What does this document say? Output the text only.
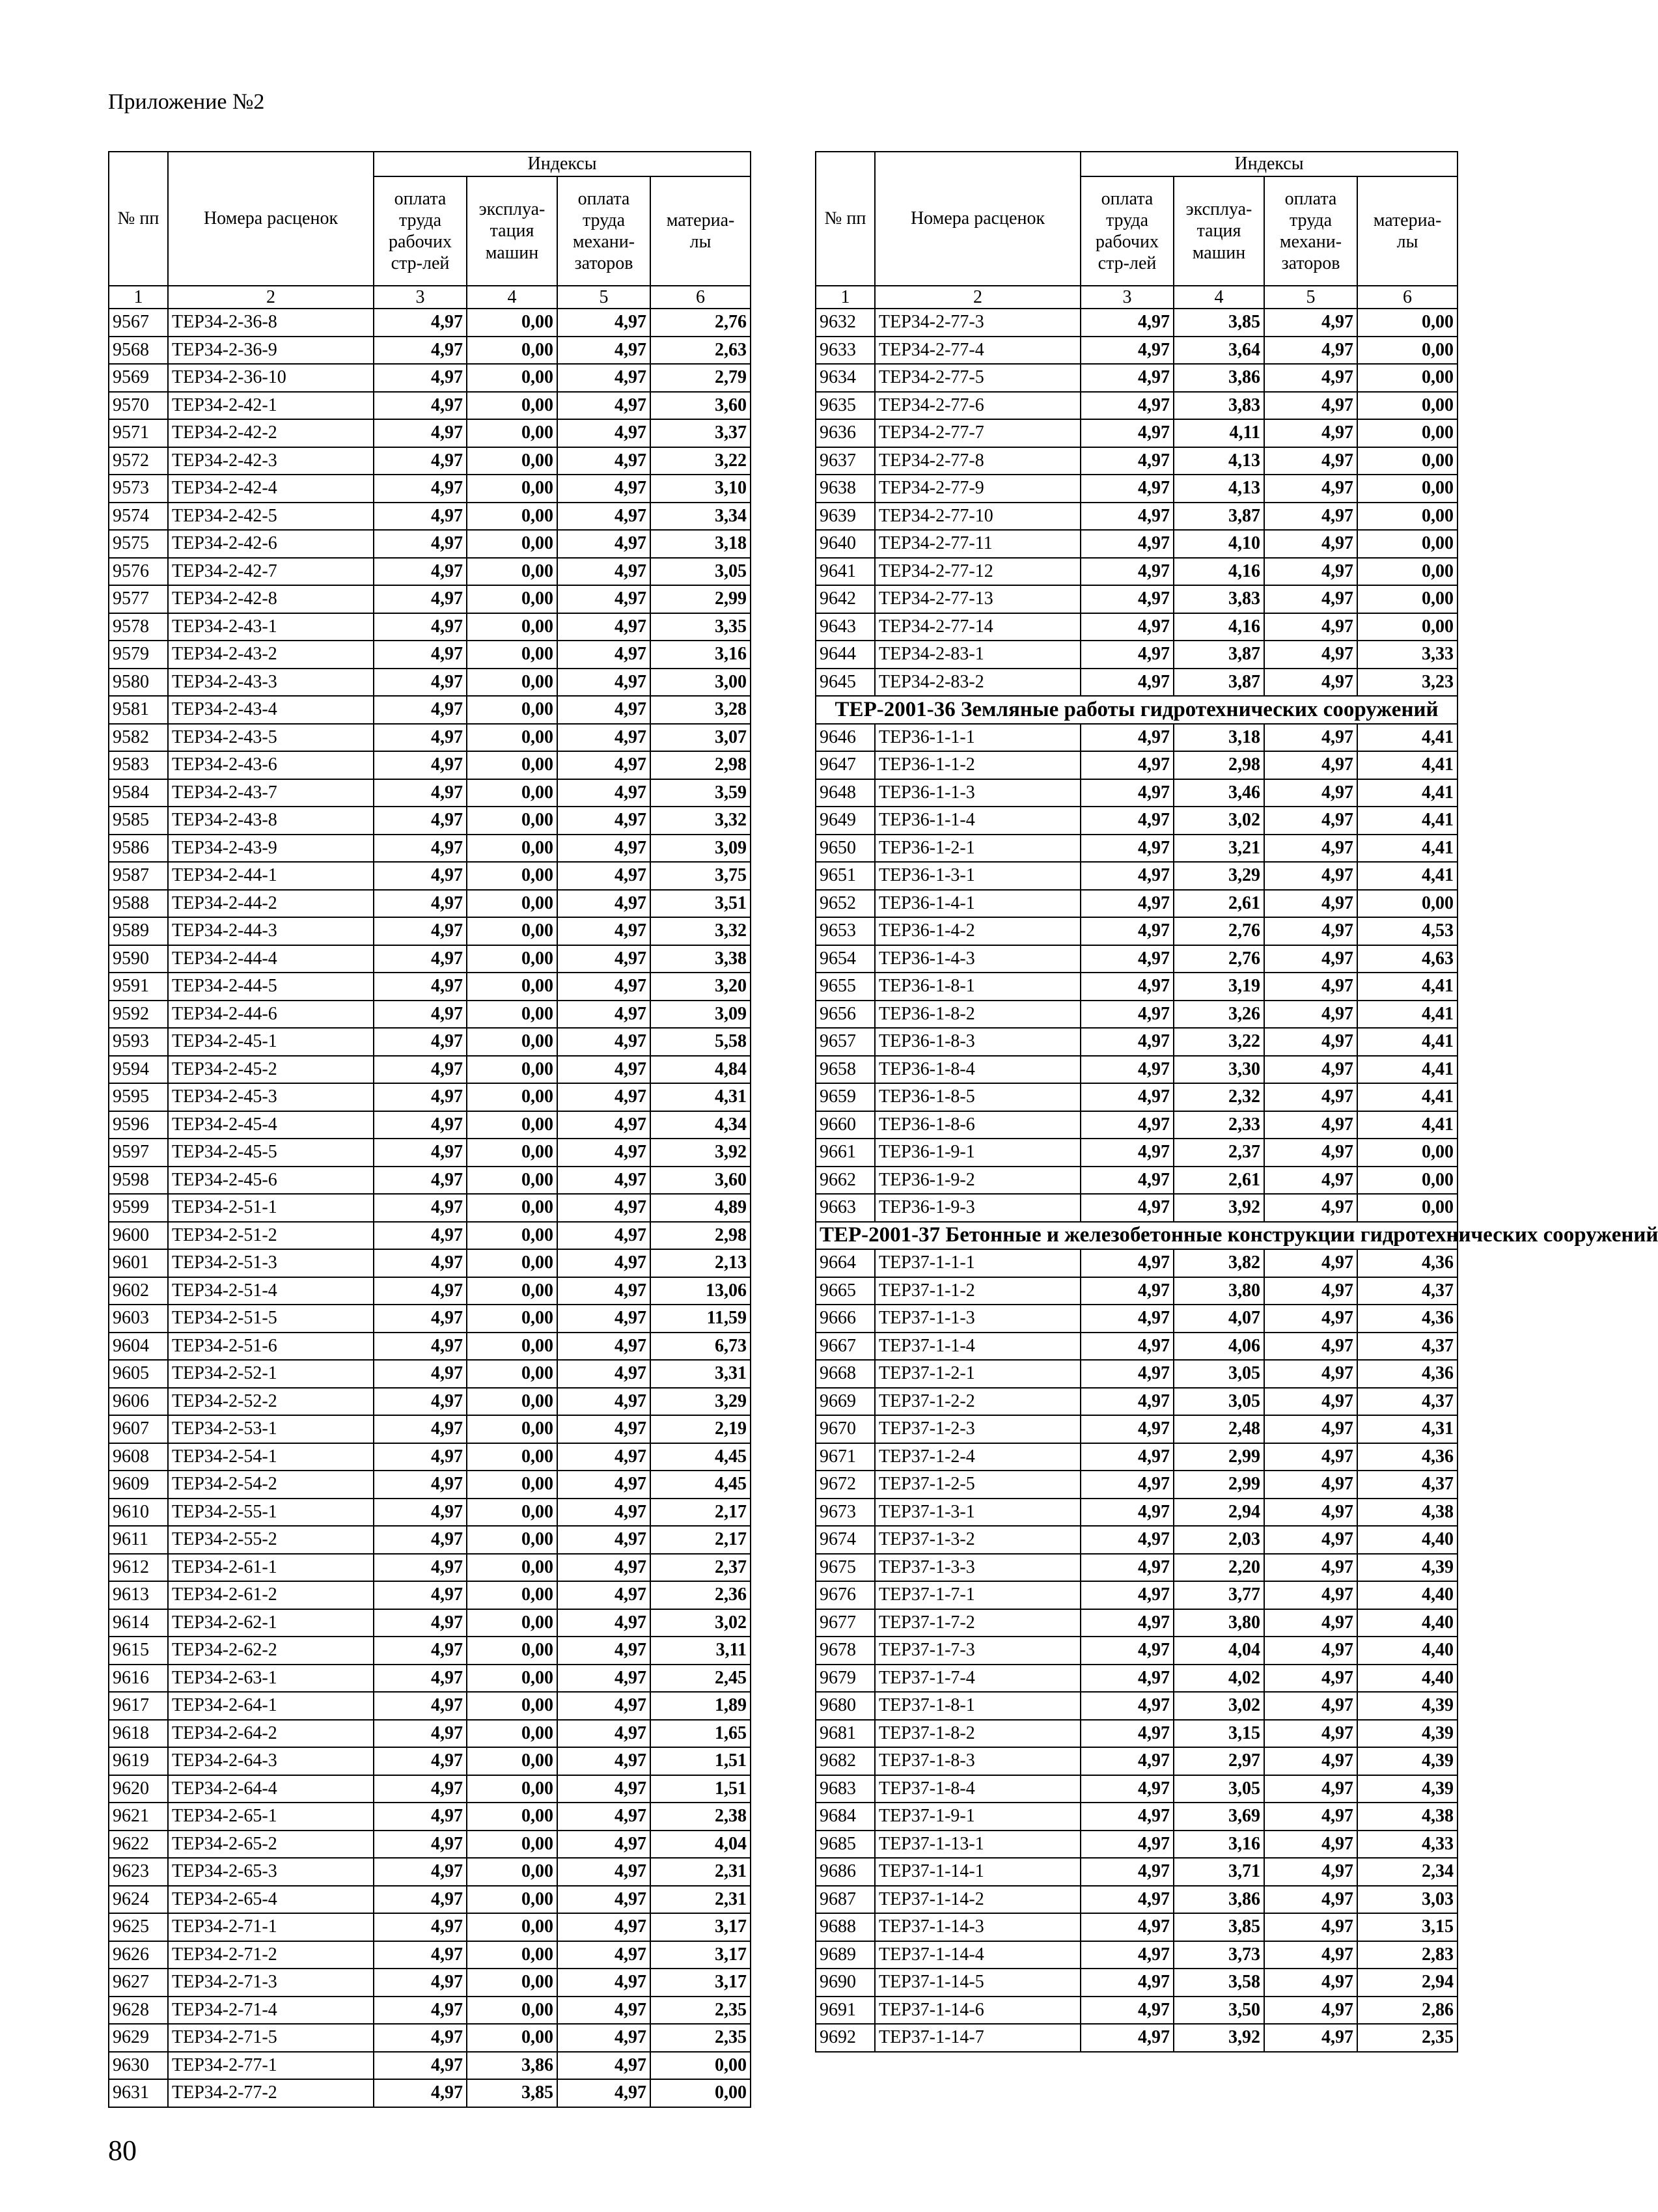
Приложение №2
№ пп	Номера расценок	Индексы			
		оплата труда рабочих стр-лей	эксплуа- тация машин	оплата труда механи- заторов	материа- лы
1	2	3	4	5	6
9567	ТЕР34-2-36-8	4,97	0,00	4,97	2,76
9568	ТЕР34-2-36-9	4,97	0,00	4,97	2,63
9569	ТЕР34-2-36-10	4,97	0,00	4,97	2,79
9570	ТЕР34-2-42-1	4,97	0,00	4,97	3,60
9571	ТЕР34-2-42-2	4,97	0,00	4,97	3,37
9572	ТЕР34-2-42-3	4,97	0,00	4,97	3,22
9573	ТЕР34-2-42-4	4,97	0,00	4,97	3,10
9574	ТЕР34-2-42-5	4,97	0,00	4,97	3,34
9575	ТЕР34-2-42-6	4,97	0,00	4,97	3,18
9576	ТЕР34-2-42-7	4,97	0,00	4,97	3,05
9577	ТЕР34-2-42-8	4,97	0,00	4,97	2,99
9578	ТЕР34-2-43-1	4,97	0,00	4,97	3,35
9579	ТЕР34-2-43-2	4,97	0,00	4,97	3,16
9580	ТЕР34-2-43-3	4,97	0,00	4,97	3,00
9581	ТЕР34-2-43-4	4,97	0,00	4,97	3,28
9582	ТЕР34-2-43-5	4,97	0,00	4,97	3,07
9583	ТЕР34-2-43-6	4,97	0,00	4,97	2,98
9584	ТЕР34-2-43-7	4,97	0,00	4,97	3,59
9585	ТЕР34-2-43-8	4,97	0,00	4,97	3,32
9586	ТЕР34-2-43-9	4,97	0,00	4,97	3,09
9587	ТЕР34-2-44-1	4,97	0,00	4,97	3,75
9588	ТЕР34-2-44-2	4,97	0,00	4,97	3,51
9589	ТЕР34-2-44-3	4,97	0,00	4,97	3,32
9590	ТЕР34-2-44-4	4,97	0,00	4,97	3,38
9591	ТЕР34-2-44-5	4,97	0,00	4,97	3,20
9592	ТЕР34-2-44-6	4,97	0,00	4,97	3,09
9593	ТЕР34-2-45-1	4,97	0,00	4,97	5,58
9594	ТЕР34-2-45-2	4,97	0,00	4,97	4,84
9595	ТЕР34-2-45-3	4,97	0,00	4,97	4,31
9596	ТЕР34-2-45-4	4,97	0,00	4,97	4,34
9597	ТЕР34-2-45-5	4,97	0,00	4,97	3,92
9598	ТЕР34-2-45-6	4,97	0,00	4,97	3,60
9599	ТЕР34-2-51-1	4,97	0,00	4,97	4,89
9600	ТЕР34-2-51-2	4,97	0,00	4,97	2,98
9601	ТЕР34-2-51-3	4,97	0,00	4,97	2,13
9602	ТЕР34-2-51-4	4,97	0,00	4,97	13,06
9603	ТЕР34-2-51-5	4,97	0,00	4,97	11,59
9604	ТЕР34-2-51-6	4,97	0,00	4,97	6,73
9605	ТЕР34-2-52-1	4,97	0,00	4,97	3,31
9606	ТЕР34-2-52-2	4,97	0,00	4,97	3,29
9607	ТЕР34-2-53-1	4,97	0,00	4,97	2,19
9608	ТЕР34-2-54-1	4,97	0,00	4,97	4,45
9609	ТЕР34-2-54-2	4,97	0,00	4,97	4,45
9610	ТЕР34-2-55-1	4,97	0,00	4,97	2,17
9611	ТЕР34-2-55-2	4,97	0,00	4,97	2,17
9612	ТЕР34-2-61-1	4,97	0,00	4,97	2,37
9613	ТЕР34-2-61-2	4,97	0,00	4,97	2,36
9614	ТЕР34-2-62-1	4,97	0,00	4,97	3,02
9615	ТЕР34-2-62-2	4,97	0,00	4,97	3,11
9616	ТЕР34-2-63-1	4,97	0,00	4,97	2,45
9617	ТЕР34-2-64-1	4,97	0,00	4,97	1,89
9618	ТЕР34-2-64-2	4,97	0,00	4,97	1,65
9619	ТЕР34-2-64-3	4,97	0,00	4,97	1,51
9620	ТЕР34-2-64-4	4,97	0,00	4,97	1,51
9621	ТЕР34-2-65-1	4,97	0,00	4,97	2,38
9622	ТЕР34-2-65-2	4,97	0,00	4,97	4,04
9623	ТЕР34-2-65-3	4,97	0,00	4,97	2,31
9624	ТЕР34-2-65-4	4,97	0,00	4,97	2,31
9625	ТЕР34-2-71-1	4,97	0,00	4,97	3,17
9626	ТЕР34-2-71-2	4,97	0,00	4,97	3,17
9627	ТЕР34-2-71-3	4,97	0,00	4,97	3,17
9628	ТЕР34-2-71-4	4,97	0,00	4,97	2,35
9629	ТЕР34-2-71-5	4,97	0,00	4,97	2,35
9630	ТЕР34-2-77-1	4,97	3,86	4,97	0,00
9631	ТЕР34-2-77-2	4,97	3,85	4,97	0,00
№ пп	Номера расценок	Индексы			
		оплата труда рабочих стр-лей	эксплуа- тация машин	оплата труда механи- заторов	материа- лы
1	2	3	4	5	6
9632	ТЕР34-2-77-3	4,97	3,85	4,97	0,00
9633	ТЕР34-2-77-4	4,97	3,64	4,97	0,00
9634	ТЕР34-2-77-5	4,97	3,86	4,97	0,00
9635	ТЕР34-2-77-6	4,97	3,83	4,97	0,00
9636	ТЕР34-2-77-7	4,97	4,11	4,97	0,00
9637	ТЕР34-2-77-8	4,97	4,13	4,97	0,00
9638	ТЕР34-2-77-9	4,97	4,13	4,97	0,00
9639	ТЕР34-2-77-10	4,97	3,87	4,97	0,00
9640	ТЕР34-2-77-11	4,97	4,10	4,97	0,00
9641	ТЕР34-2-77-12	4,97	4,16	4,97	0,00
9642	ТЕР34-2-77-13	4,97	3,83	4,97	0,00
9643	ТЕР34-2-77-14	4,97	4,16	4,97	0,00
9644	ТЕР34-2-83-1	4,97	3,87	4,97	3,33
9645	ТЕР34-2-83-2	4,97	3,87	4,97	3,23
ТЕР-2001-36 Земляные работы гидротехнических сооружений					
9646	ТЕР36-1-1-1	4,97	3,18	4,97	4,41
9647	ТЕР36-1-1-2	4,97	2,98	4,97	4,41
9648	ТЕР36-1-1-3	4,97	3,46	4,97	4,41
9649	ТЕР36-1-1-4	4,97	3,02	4,97	4,41
9650	ТЕР36-1-2-1	4,97	3,21	4,97	4,41
9651	ТЕР36-1-3-1	4,97	3,29	4,97	4,41
9652	ТЕР36-1-4-1	4,97	2,61	4,97	0,00
9653	ТЕР36-1-4-2	4,97	2,76	4,97	4,53
9654	ТЕР36-1-4-3	4,97	2,76	4,97	4,63
9655	ТЕР36-1-8-1	4,97	3,19	4,97	4,41
9656	ТЕР36-1-8-2	4,97	3,26	4,97	4,41
9657	ТЕР36-1-8-3	4,97	3,22	4,97	4,41
9658	ТЕР36-1-8-4	4,97	3,30	4,97	4,41
9659	ТЕР36-1-8-5	4,97	2,32	4,97	4,41
9660	ТЕР36-1-8-6	4,97	2,33	4,97	4,41
9661	ТЕР36-1-9-1	4,97	2,37	4,97	0,00
9662	ТЕР36-1-9-2	4,97	2,61	4,97	0,00
9663	ТЕР36-1-9-3	4,97	3,92	4,97	0,00
ТЕР-2001-37 Бетонные и железобетонные конструкции гидротехнических сооружений					
9664	ТЕР37-1-1-1	4,97	3,82	4,97	4,36
9665	ТЕР37-1-1-2	4,97	3,80	4,97	4,37
9666	ТЕР37-1-1-3	4,97	4,07	4,97	4,36
9667	ТЕР37-1-1-4	4,97	4,06	4,97	4,37
9668	ТЕР37-1-2-1	4,97	3,05	4,97	4,36
9669	ТЕР37-1-2-2	4,97	3,05	4,97	4,37
9670	ТЕР37-1-2-3	4,97	2,48	4,97	4,31
9671	ТЕР37-1-2-4	4,97	2,99	4,97	4,36
9672	ТЕР37-1-2-5	4,97	2,99	4,97	4,37
9673	ТЕР37-1-3-1	4,97	2,94	4,97	4,38
9674	ТЕР37-1-3-2	4,97	2,03	4,97	4,40
9675	ТЕР37-1-3-3	4,97	2,20	4,97	4,39
9676	ТЕР37-1-7-1	4,97	3,77	4,97	4,40
9677	ТЕР37-1-7-2	4,97	3,80	4,97	4,40
9678	ТЕР37-1-7-3	4,97	4,04	4,97	4,40
9679	ТЕР37-1-7-4	4,97	4,02	4,97	4,40
9680	ТЕР37-1-8-1	4,97	3,02	4,97	4,39
9681	ТЕР37-1-8-2	4,97	3,15	4,97	4,39
9682	ТЕР37-1-8-3	4,97	2,97	4,97	4,39
9683	ТЕР37-1-8-4	4,97	3,05	4,97	4,39
9684	ТЕР37-1-9-1	4,97	3,69	4,97	4,38
9685	ТЕР37-1-13-1	4,97	3,16	4,97	4,33
9686	ТЕР37-1-14-1	4,97	3,71	4,97	2,34
9687	ТЕР37-1-14-2	4,97	3,86	4,97	3,03
9688	ТЕР37-1-14-3	4,97	3,85	4,97	3,15
9689	ТЕР37-1-14-4	4,97	3,73	4,97	2,83
9690	ТЕР37-1-14-5	4,97	3,58	4,97	2,94
9691	ТЕР37-1-14-6	4,97	3,50	4,97	2,86
9692	ТЕР37-1-14-7	4,97	3,92	4,97	2,35
80
